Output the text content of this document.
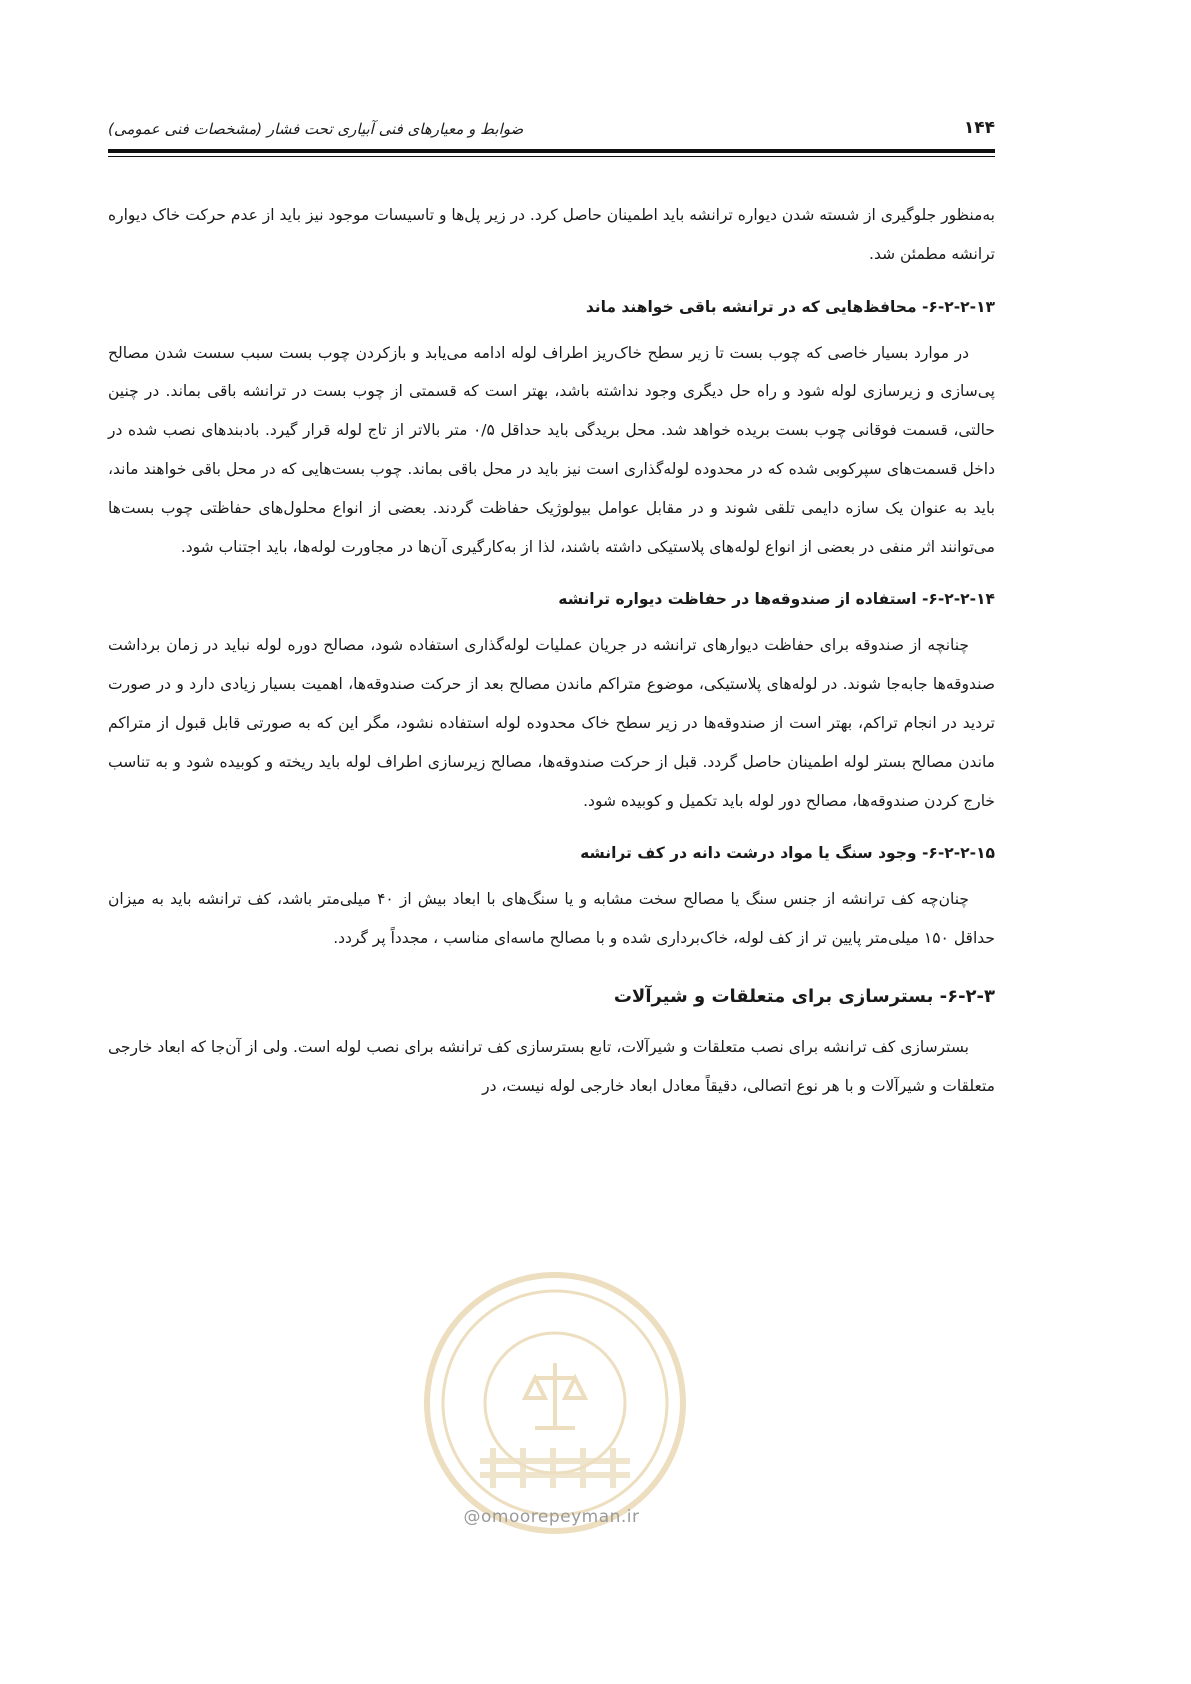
۱۴۴
ضوابط و معیارهای فنی آبیاری تحت فشار (مشخصات فنی عمومی)

به‌منظور جلوگیری از شسته شدن دیواره ترانشه باید اطمینان حاصل کرد. در زیر پل‌ها و تاسیسات موجود نیز باید از عدم حرکت خاک دیواره ترانشه مطمئن شد.

۶-۲-۲-۱۳- محافظ‌هایی که در ترانشه باقی خواهند ماند

در موارد بسیار خاصی که چوب بست تا زیر سطح خاک‌ریز اطراف لوله ادامه می‌یابد و بازکردن چوب بست سبب سست شدن مصالح پی‌سازی و زیرسازی لوله شود و راه حل دیگری وجود نداشته باشد، بهتر است که قسمتی از چوب بست در ترانشه باقی بماند. در چنین حالتی، قسمت فوقانی چوب بست بریده خواهد شد. محل بریدگی باید حداقل ۰/۵ متر بالاتر از تاج لوله قرار گیرد. بادبندهای نصب شده در داخل قسمت‌های سپرکوبی شده که در محدوده لوله‌گذاری است نیز باید در محل باقی بماند. چوب بست‌هایی که در محل باقی خواهند ماند، باید به عنوان یک سازه دایمی تلقی شوند و در مقابل عوامل بیولوژیک حفاظت گردند. بعضی از انواع محلول‌های حفاظتی چوب بست‌ها می‌توانند اثر منفی در بعضی از انواع لوله‌های پلاستیکی داشته باشند، لذا از به‌کارگیری آن‌ها در مجاورت لوله‌ها، باید اجتناب شود.

۶-۲-۲-۱۴- استفاده از صندوقه‌ها در حفاظت دیواره ترانشه

چنانچه از صندوقه برای حفاظت دیوارهای ترانشه در جریان عملیات لوله‌گذاری استفاده شود، مصالح دوره لوله نباید در زمان برداشت صندوقه‌ها جابه‌جا شوند. در لوله‌های پلاستیکی، موضوع متراکم ماندن مصالح بعد از حرکت صندوقه‌ها، اهمیت بسیار زیادی دارد و در صورت تردید در انجام تراکم، بهتر است از صندوقه‌ها در زیر سطح خاک محدوده لوله استفاده نشود، مگر این که به صورتی قابل قبول از متراکم ماندن مصالح بستر لوله اطمینان حاصل گردد. قبل از حرکت صندوقه‌ها، مصالح زیرسازی اطراف لوله باید ریخته و کوبیده شود و به تناسب خارج کردن صندوقه‌ها، مصالح دور لوله باید تکمیل و کوبیده شود.

۶-۲-۲-۱۵- وجود سنگ یا مواد درشت دانه در کف ترانشه

چنان‌چه کف ترانشه از جنس سنگ یا مصالح سخت مشابه و یا سنگ‌های با ابعاد بیش از ۴۰ میلی‌متر باشد، کف ترانشه باید به میزان حداقل ۱۵۰ میلی‌متر پایین تر از کف لوله، خاک‌برداری شده و با مصالح ماسه‌ای مناسب ، مجدداً پر گردد.

۶-۲-۳- بسترسازی برای متعلقات و شیرآلات

بسترسازی کف ترانشه برای نصب متعلقات و شیرآلات، تابع بسترسازی کف ترانشه برای نصب لوله است. ولی از آن‌جا که ابعاد خارجی متعلقات و شیرآلات و با هر نوع اتصالی، دقیقاً معادل ابعاد خارجی لوله نیست، در

@omoorepeyman.ir
